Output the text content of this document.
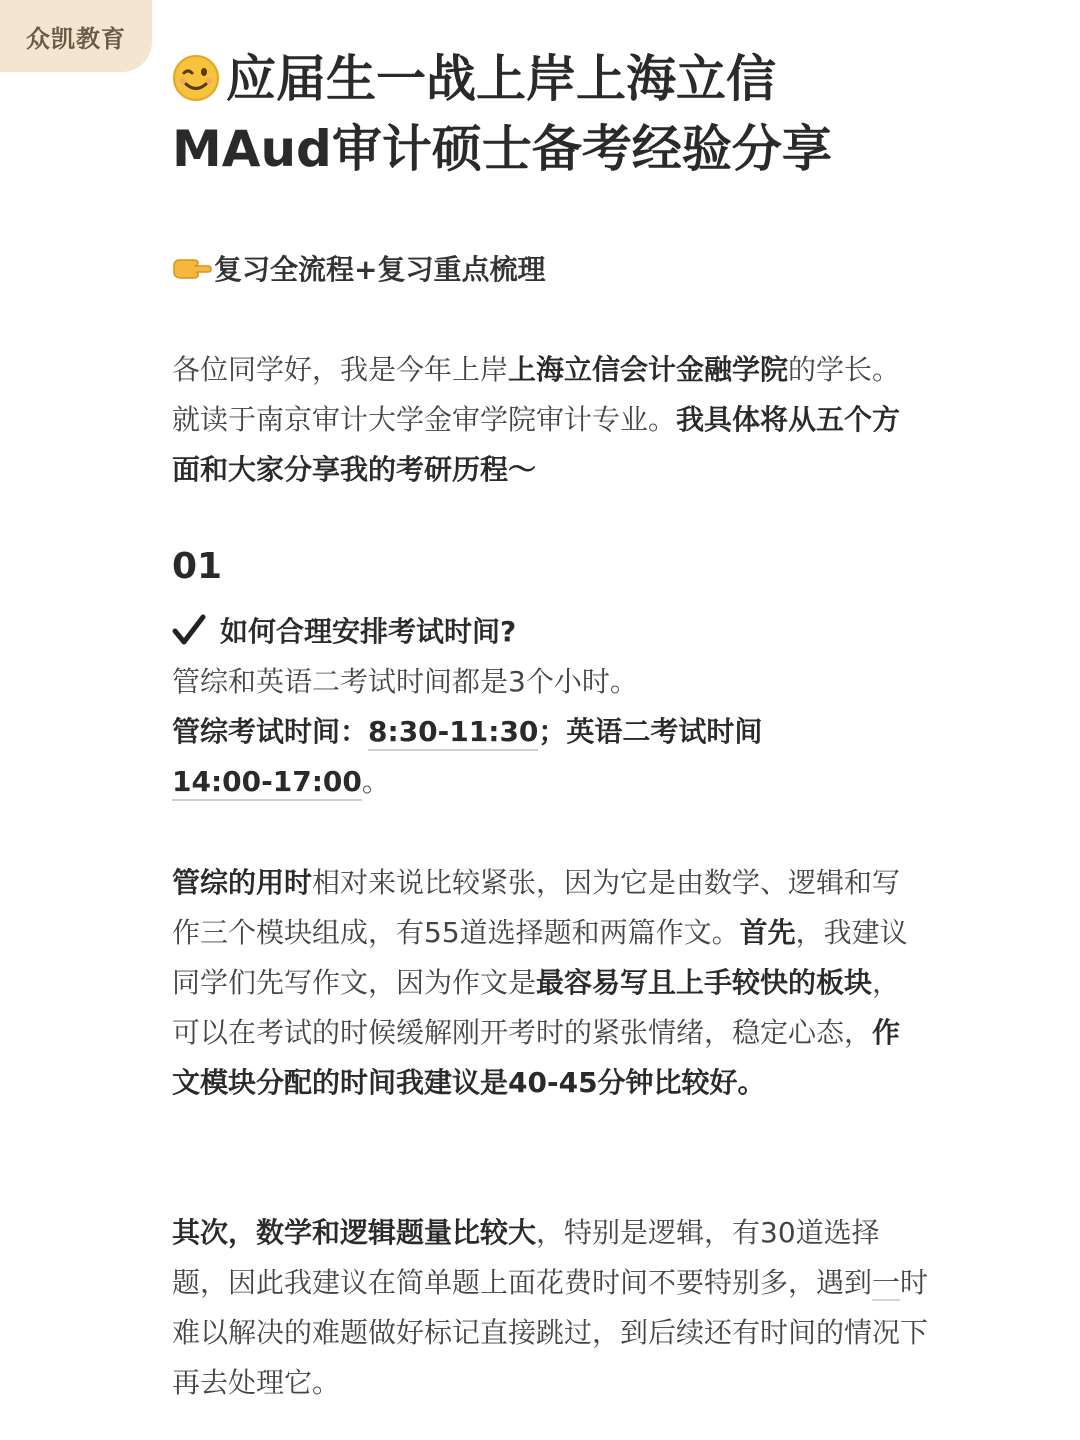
众凯教育
应届生一战上岸上海立信
MAud审计硕士备考经验分享
复习全流程+复习重点梳理
各位同学好，我是今年上岸上海立信会计金融学院的学长。就读于南京审计大学金审学院审计专业。我具体将从五个方面和大家分享我的考研历程～
01
如何合理安排考试时间?
管综和英语二考试时间都是3个小时。
管综考试时间：8:30-11:30；英语二考试时间
14:00-17:00。
管综的用时相对来说比较紧张，因为它是由数学、逻辑和写作三个模块组成，有55道选择题和两篇作文。首先，我建议同学们先写作文，因为作文是最容易写且上手较快的板块，可以在考试的时候缓解刚开考时的紧张情绪，稳定心态，作文模块分配的时间我建议是40-45分钟比较好。
其次，数学和逻辑题量比较大，特别是逻辑，有30道选择题，因此我建议在简单题上面花费时间不要特别多，遇到一时难以解决的难题做好标记直接跳过，到后续还有时间的情况下再去处理它。
